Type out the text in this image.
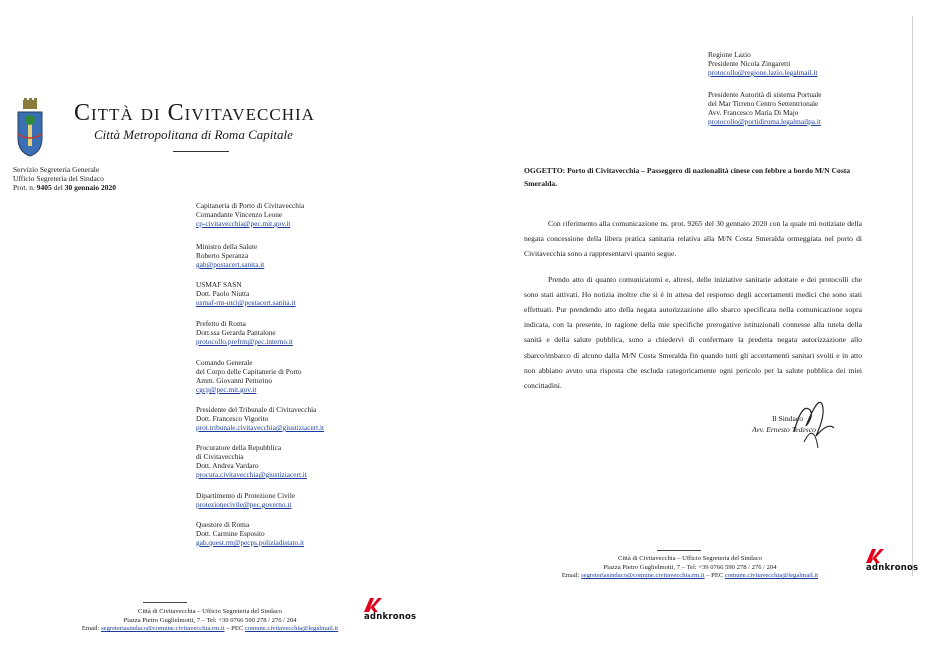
Città di Civitavecchia
Città Metropolitana di Roma Capitale
Servizio Segreteria Generale
Ufficio Segreteria del Sindaco
Prot. n. 9405 del 30 gennaio 2020
Capitaneria di Porto di Civitavecchia
Comandante Vincenzo Leone
cp-civitavecchia@pec.mit.gov.it
Ministro della Salute
Roberto Speranza
gab@postacert.sanita.it
USMAF SASN
Dott. Paolo Niutta
usmaf-rm-utci@postacert.sanita.it
Prefetto di Roma
Dott.ssa Gerarda Pantalone
protocollo.prefrm@pec.interno.it
Comando Generale
del Corpo delle Capitanerie di Porto
Amm. Giovanni Pettorino
cgcp@pec.mit.gov.it
Presidente del Tribunale di Civitavecchia
Dott. Francesco Vigorito
prot.tribunale.civitavecchia@giustiziacert.it
Procuratore della Repubblica
di Civitavecchia
Dott. Andrea Vardaro
procura.civitavecchia@giustiziacert.it
Dipartimento di Protezione Civile
protezionecivile@pec.governo.it
Questore di Roma
Dott. Carmine Esposito
gab.quest.rm@pecps.poliziadistato.it
Città di Civitavecchia – Ufficio Segreteria del Sindaco
Piazza Pietro Guglielmotti, 7 – Tel: +39 0766 590 278 / 276 / 204
Email: segreteriasindaco@comune.civitavecchia.rm.it – PEC comune.civitavecchia@legalmail.it
adnkronos
Regione Lazio
Presidente Nicola Zingaretti
protocollo@regione.lazio.legalmail.it
Presidente Autorità di sistema Portuale
del Mar Tirreno Centro Settentrionale
Avv. Francesco Maria Di Majo
protocollo@portidiroma.legalmailpa.it
OGGETTO: Porto di Civitavecchia – Passeggero di nazionalità cinese con febbre a bordo M/N Costa Smeralda.

Con riferimento alla comunicazione ns. prot. 9265 del 30 gennaio 2020 con la quale mi notiziate della negata concessione della libera pratica sanitaria relativa alla M/N Costa Smeralda ormeggiata nel porto di Civitavecchia sono a rappresentarvi quanto segue.

Prendo atto di quanto comunicatomi e, altresì, delle iniziative sanitarie adottate e dei protocolli che sono stati attivati. Ho notizia inoltre che si è in attesa del responso degli accertamenti medici che sono stati effettuati. Pur prendendo atto della negata autorizzazione allo sbarco specificata nella comunicazione sopra indicata, con la presente, in ragione della mie specifiche prerogative istituzionali connesse alla tutela della sanità e della salute pubblica, sono a chiedervi di confermare la predetta negata autorizzazione allo sbarco/imbarco di alcuno dalla M/N Costa Smeralda fin quando tutti gli accertamenti sanitari svolti e in atto non abbiano avuto una risposta che escluda categoricamente ogni pericolo per la salute pubblica dei miei concittadini.

Il Sindaco
Avv. Ernesto Tedesco
Città di Civitavecchia – Ufficio Segreteria del Sindaco
Piazza Pietro Guglielmotti, 7 – Tel: +39 0766 590 278 / 276 / 204
Email: segreteriasindaco@comune.civitavecchia.rm.it – PEC comune.civitavecchia@legalmail.it
adnkronos
